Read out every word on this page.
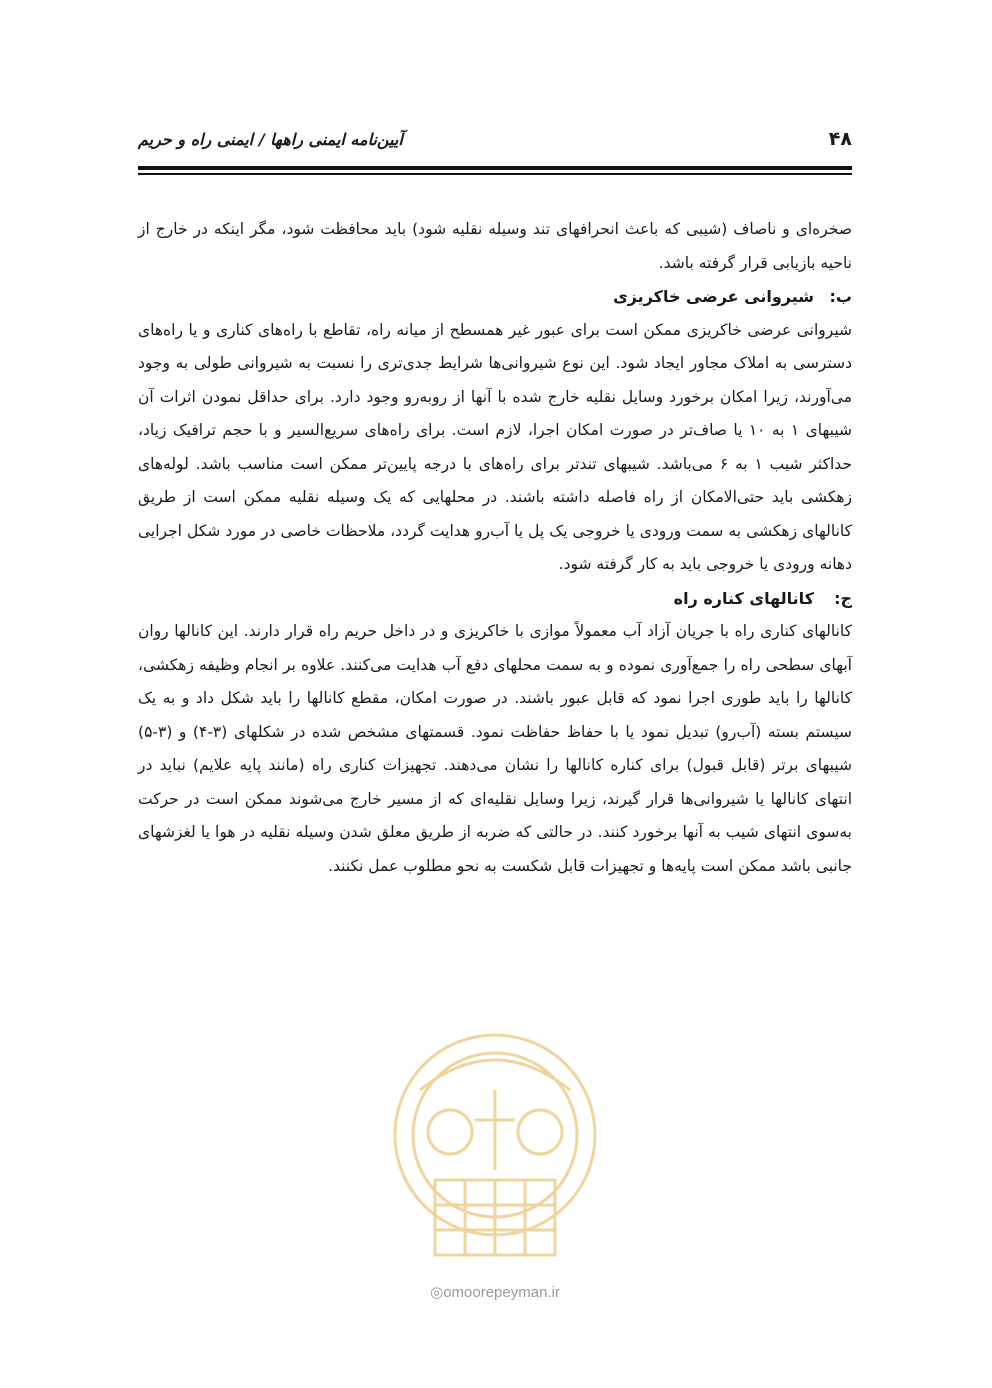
۴۸
آیین‌نامه ایمنی راهها / ایمنی راه و حریم

صخره‌ای و ناصاف (شیبی که باعث انحرافهای تند وسیله نقلیه شود) باید محافظت شود، مگر اینکه در خارج از ناحیه بازیابی قرار گرفته باشد.

ب:شیروانی عرضی خاکریزی

شیروانی عرضی خاکریزی ممکن است برای عبور غیر همسطح از میانه راه، تقاطع با راه‌های کناری و یا راه‌های دسترسی به املاک مجاور ایجاد شود. این نوع شیروانی‌ها شرایط جدی‌تری را نسبت به شیروانی طولی به وجود می‌آورند، زیرا امکان برخورد وسایل نقلیه خارج شده با آنها از روبه‌رو وجود دارد. برای حداقل نمودن اثرات آن شیبهای ۱ به ۱۰ یا صاف‌تر در صورت امکان اجرا، لازم است. برای راه‌های سریع‌السیر و با حجم ترافیک زیاد، حداکثر شیب ۱ به ۶ می‌باشد. شیبهای تندتر برای راه‌های با درجه پایین‌تر ممکن است مناسب باشد. لوله‌های زهکشی باید حتی‌الامکان از راه فاصله داشته باشند. در محلهایی که یک وسیله نقلیه ممکن است از طریق کانالهای زهکشی به سمت ورودی یا خروجی یک پل یا آب‌رو هدایت گردد، ملاحظات خاصی در مورد شکل اجرایی دهانه ورودی یا خروجی باید به کار گرفته شود.

ج:کانالهای کناره راه

کانالهای کناری راه با جریان آزاد آب معمولاً موازی با خاکریزی و در داخل حریم راه قرار دارند. این کانالها روان آبهای سطحی راه را جمع‌آوری نموده و به سمت محلهای دفع آب هدایت می‌کنند. علاوه بر انجام وظیفه زهکشی، کانالها را باید طوری اجرا نمود که قابل عبور باشند. در صورت امکان، مقطع کانالها را باید شکل داد و به یک سیستم بسته (آب‌رو) تبدیل نمود یا با حفاظ حفاظت نمود. قسمتهای مشخص شده در شکلهای (۳-۴) و (۳-۵) شیبهای برتر (قابل قبول) برای کناره کانالها را نشان می‌دهند. تجهیزات کناری راه (مانند پایه علایم) نباید در انتهای کانالها یا شیروانی‌ها قرار گیرند، زیرا وسایل نقلیه‌ای که از مسیر خارج می‌شوند ممکن است در حرکت به‌سوی انتهای شیب به آنها برخورد کنند. در حالتی که ضربه از طریق معلق شدن وسیله نقلیه در هوا یا لغزشهای جانبی باشد ممکن است پایه‌ها و تجهیزات قابل شکست به نحو مطلوب عمل نکنند.

◎omoorepeyman.ir
